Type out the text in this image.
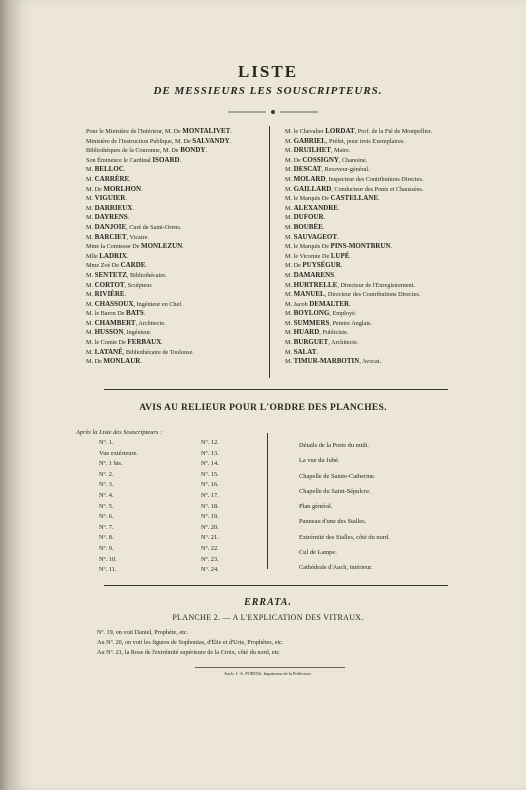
LISTE
DE MESSIEURS LES SOUSCRIPTEURS.
Pour le Ministère de l'Intérieur, M. De MONTALIVET.
Ministère de l'Instruction Publique, M. De SALVANDY.
Bibliothèques de la Couronne, M. De BONDY.
Son Éminence le Cardinal ISOARD.
M. BELLOC.
M. CARRÈRE.
M. De MORLHON.
M. VIGUIER.
M. DARRIEUX.
M. DAYRENS.
M. DANJOIE, Curé de Saint-Orens.
M. BARCIET, Vicaire.
Mme la Comtesse De MONLEZUN.
Mlle LADRIX.
Mme Zoé De CARDE.
M. SENTETZ, Bibliothécaire.
M. CORTOT, Sculpteur.
M. RIVIÈRE.
M. CHASSOUX, Ingénieur en Chef.
M. le Baron De BATS.
M. CHAMBERT, Architecte.
M. HUSSON, Ingénieur.
M. le Comte De FERBAUX.
M. LATANÉ, Bibliothécaire de Toulouse.
M. De MONLAUR.
M. le Chevalier LORDAT, Prof. de la Fté de Montpellier.
M. GABRIEL, Préfet, pour trois Exemplaires.
M. DRUILHET, Maire.
M. De COSSIGNY, Chanoine.
M. DESCAT, Receveur-général.
M. MOLARD, Inspecteur des Contributions Directes.
M. GAILLARD, Conducteur des Ponts et Chaussées.
M. le Marquis De CASTELLANE.
M. ALEXANDRE.
M. DUFOUR.
M. BOUBÉE.
M. SAUVAGEOT.
M. le Marquis De PINS-MONTBRUN.
M. le Vicomte De LUPÉ.
M. De PUYSÉGUR.
M. DAMARENS.
M. HURTRELLE, Directeur de l'Enregistrement.
M. MANUEL, Directeur des Contributions Directes.
M. Jacob DEMALTER.
M. BOYLONG, Employé.
M. SUMMERS, Peintre Anglais.
M. HUARD, Publiciste.
M. BURGUET, Architecte.
M. SALAT.
M. TIMUR-MARBOTIN, Avocat.
AVIS AU RELIEUR POUR L'ORDRE DES PLANCHES.
Après la Liste des Souscripteurs :
Nº. 1.
Vue extérieure.
Nº. 1 bis.
Nº. 2.
Nº. 3.
Nº. 4.
Nº. 5.
Nº. 6.
Nº. 7.
Nº. 8.
Nº. 9.
Nº. 10.
Nº. 11.
Nº. 12.
Nº. 13.
Nº. 14.
Nº. 15.
Nº. 16.
Nº. 17.
Nº. 18.
Nº. 19.
Nº. 20.
Nº. 21.
Nº. 22.
Nº. 23.
Nº. 24.
Détails de la Porte du midi.
La vue du Jubé.
Chapelle de Sainte-Catherine.
Chapelle du Saint-Sépulcre.
Plan général.
Panneau d'une des Stalles.
Extrémité des Stalles, côté du nord.
Cul de Lampe.
Cathédrale d'Auch, intérieur.
ERRATA.
PLANCHE 2. — A L'EXPLICATION DES VITRAUX.
Nº. 19, on voit Daniel, Prophète, etc.
Au Nº. 20, on voit les figures de Sophonias, d'Élie et d'Urie, Prophètes, etc.
Au Nº. 21, la Rose de l'extrémité supérieure de la Croix, côté du nord, etc.
Auch, J.-A. PORTES, Imprimeur de la Préfecture.
